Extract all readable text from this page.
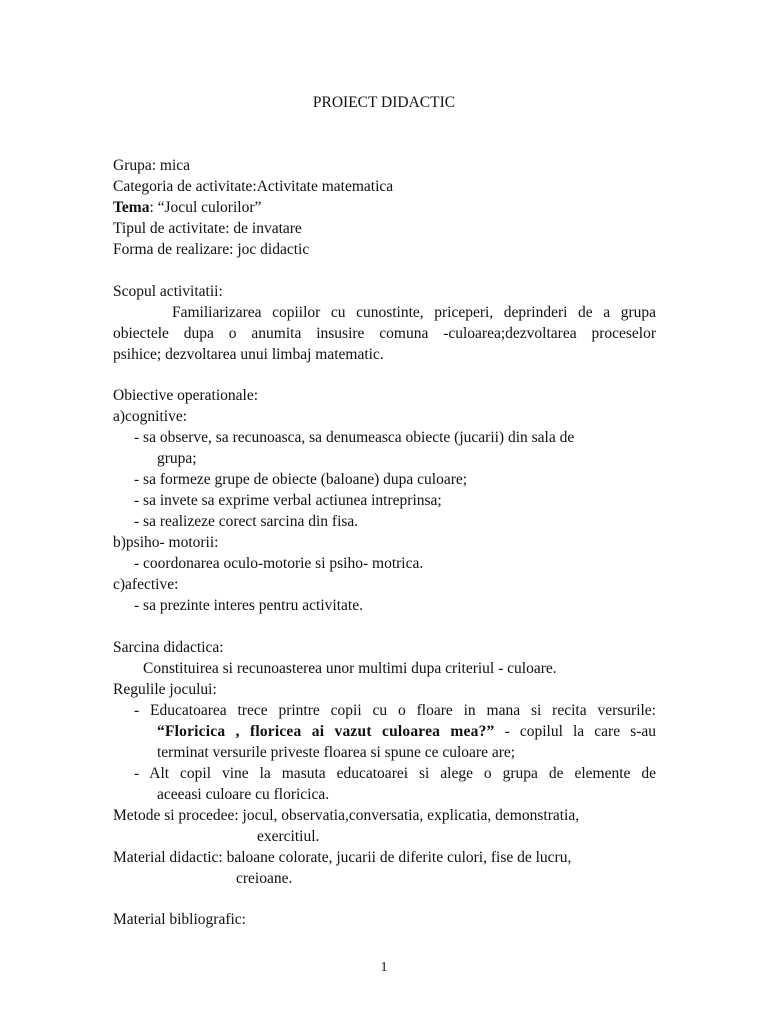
PROIECT DIDACTIC
Grupa: mica
Categoria de activitate:Activitate matematica
Tema: “Jocul culorilor”
Tipul de activitate: de invatare
Forma de realizare: joc didactic
Scopul activitatii:
Familiarizarea copiilor cu cunostinte, priceperi, deprinderi de a grupa
obiectele dupa o anumita insusire comuna -culoarea;dezvoltarea proceselor
psihice; dezvoltarea unui limbaj matematic.
Obiective operationale:
a)cognitive:
- sa observe, sa recunoasca, sa denumeasca obiecte (jucarii) din sala de
grupa;
- sa formeze grupe de obiecte (baloane) dupa culoare;
- sa invete sa exprime verbal actiunea intreprinsa;
- sa realizeze corect sarcina din fisa.
b)psiho- motorii:
- coordonarea oculo-motorie si psiho- motrica.
c)afective:
- sa prezinte interes pentru activitate.
Sarcina didactica:
Constituirea si recunoasterea unor multimi dupa criteriul - culoare.
Regulile jocului:
- Educatoarea trece printre copii cu o floare in mana si recita versurile:
“Floricica , floricea ai vazut culoarea mea?” - copilul la care s-au
terminat versurile priveste floarea si spune ce culoare are;
- Alt copil vine la masuta educatoarei si alege o grupa de elemente de
aceeasi culoare cu floricica.
Metode si procedee: jocul, observatia,conversatia, explicatia, demonstratia,
exercitiul.
Material didactic: baloane colorate, jucarii de diferite culori, fise de lucru,
creioane.
Material bibliografic:
1
